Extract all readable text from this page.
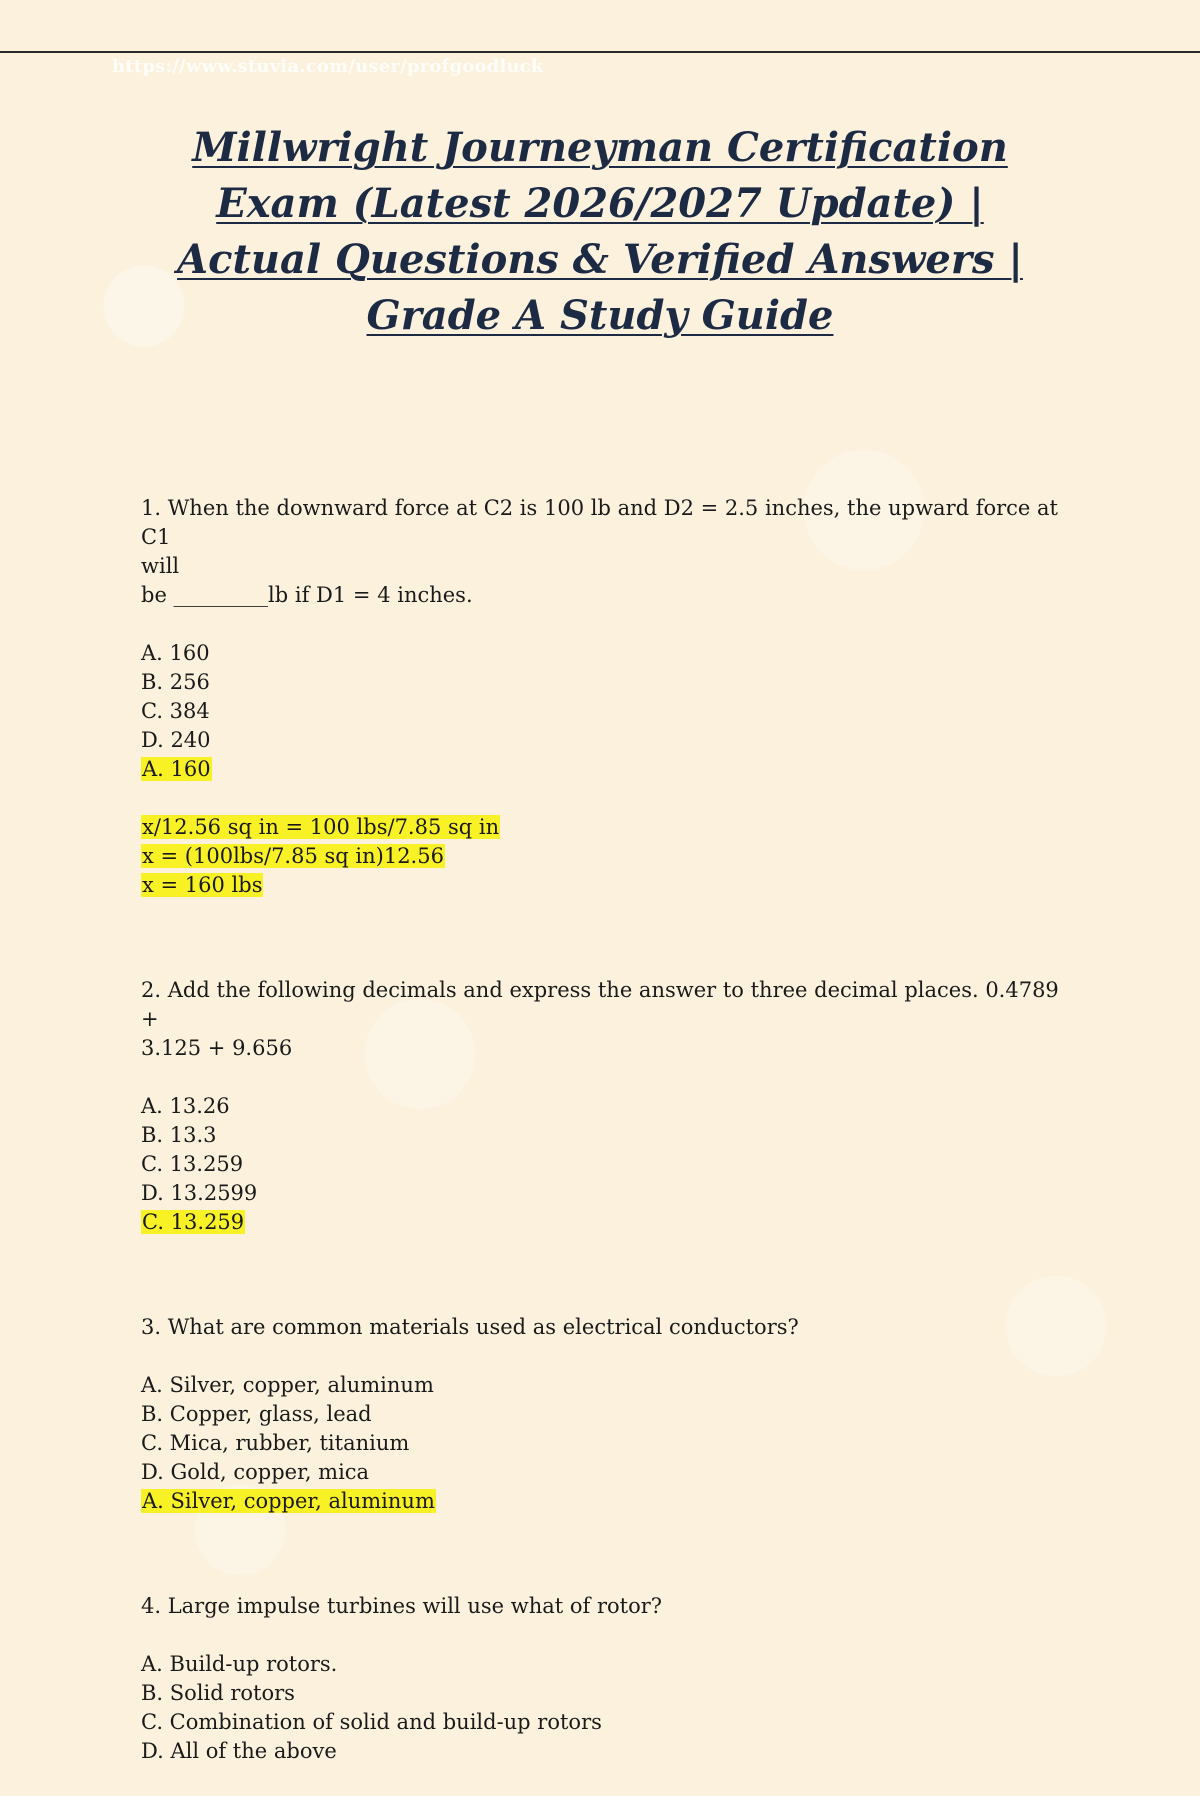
https://www.stuvia.com/user/profgoodluck
Millwright Journeyman Certification Exam (Latest 2026/2027 Update) | Actual Questions & Verified Answers | Grade A Study Guide
1. When the downward force at C2 is 100 lb and D2 = 2.5 inches, the upward force at C1
will
be _________lb if D1 = 4 inches.
A. 160
B. 256
C. 384
D. 240
A. 160
x/12.56 sq in = 100 lbs/7.85 sq in
x = (100lbs/7.85 sq in)12.56
x = 160 lbs
2. Add the following decimals and express the answer to three decimal places. 0.4789 +
3.125 + 9.656
A. 13.26
B. 13.3
C. 13.259
D. 13.2599
C. 13.259
3. What are common materials used as electrical conductors?
A. Silver, copper, aluminum
B. Copper, glass, lead
C. Mica, rubber, titanium
D. Gold, copper, mica
A. Silver, copper, aluminum
4. Large impulse turbines will use what of rotor?
A. Build-up rotors.
B. Solid rotors
C. Combination of solid and build-up rotors
D. All of the above
